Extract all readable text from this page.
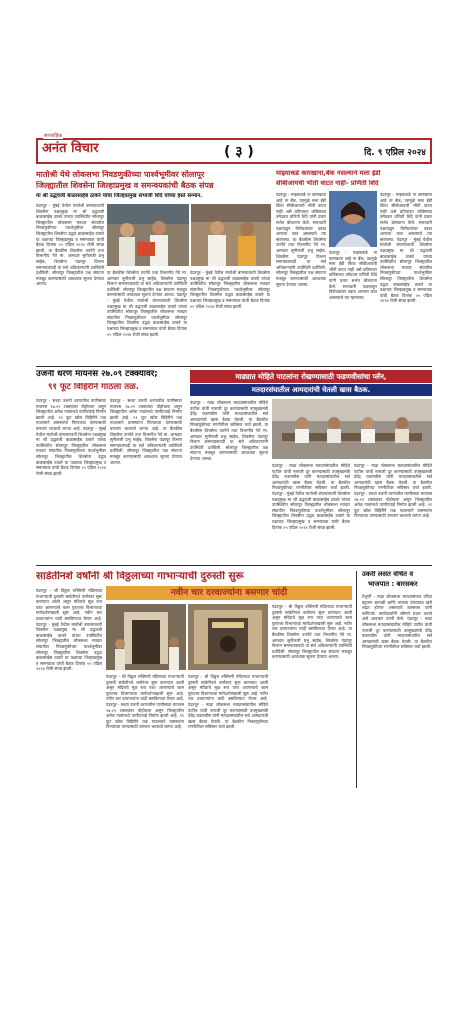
साप्ताहिक
अनंत विचार	( ३ )	दि. ९ एप्रिल २०२४
मातोश्री येथे लोकसभा निवडणुकीच्या पार्श्वभूमीवर सोलापूर
जिल्ह्यातील शिवसेना जिल्हाप्रमुख व समन्वयकांची बैठक संपन्न
मा श्री उद्धवजी बाळासाहेब ठाकरे यांचा जिल्हाप्रमुख संभाजी शिंदे यांच्या हस्ते सन्मान.
पंढरपूर - मुंबई येथील मातोश्री बंगल्यावरती शिवसेना पक्षप्रमुख मा श्री उद्धवजी बाळासाहेब ठाकरे यांच्या उपस्थितीत सोलापूर जिल्ह्यातील लोकसभा मतदार संघातील निवडणुकीच्या पार्श्वभूमीवर सोलापूर जिल्ह्यातील शिवसेना उद्धव बाळासाहेब ठाकरे या पक्षाच्या जिल्हाप्रमुख व समन्वयक यांची बैठक दिनांक ०५ एप्रिल २०२४ रोजी संपन्न झाली. या बैठकीस शिवसेना उपनेते तथा विभागीय नेते मा. आमदार सुनीलजी प्रभु साहेब, शिवसेना पंढरपूर विभाग समन्वयकपदी या सर्व अधिकाऱ्यांनी उपस्थिती दर्शविली. सोलापूर जिल्ह्यातील पक्ष संघटना मजबूत करण्यासाठी आवश्यक सूचना देण्यात आल्या.
या बैठकीस शिवसेना उपनेते तथा विभागीय नेते मा. आमदार सुनीलजी प्रभु साहेब, शिवसेना पंढरपूर विभाग समन्वयकपदी या सर्व अधिकाऱ्यांनी उपस्थिती दर्शविली. सोलापूर जिल्ह्यातील पक्ष संघटना मजबूत करण्यासाठी आवश्यक सूचना देण्यात आल्या. पंढरपूर - मुंबई येथील मातोश्री बंगल्यावरती शिवसेना पक्षप्रमुख मा श्री उद्धवजी बाळासाहेब ठाकरे यांच्या उपस्थितीत सोलापूर जिल्ह्यातील लोकसभा मतदार संघातील निवडणुकीच्या पार्श्वभूमीवर सोलापूर जिल्ह्यातील शिवसेना उद्धव बाळासाहेब ठाकरे या पक्षाच्या जिल्हाप्रमुख व समन्वयक यांची बैठक दिनांक ०५ एप्रिल २०२४ रोजी संपन्न झाली.
पंढरपूर - मुंबई येथील मातोश्री बंगल्यावरती शिवसेना पक्षप्रमुख मा श्री उद्धवजी बाळासाहेब ठाकरे यांच्या उपस्थितीत सोलापूर जिल्ह्यातील लोकसभा मतदार संघातील निवडणुकीच्या पार्श्वभूमीवर सोलापूर जिल्ह्यातील शिवसेना उद्धव बाळासाहेब ठाकरे या पक्षाच्या जिल्हाप्रमुख व समन्वयक यांची बैठक दिनांक ०५ एप्रिल २०२४ रोजी संपन्न झाली.
माझ्याकडे कारखाना,बँक नसल्याने मला ईडी
सीबीआयची भीती वाटत नाही- प्रणिती शिंदे
पंढरपूर - माझ्याकडे ना कारखाना आहे ना बँक, त्यामुळे मला ईडी किंवा सीबीआयची भीती वाटत नाही असे प्रतिपादन काँग्रेसच्या उमेदवार प्रणिती शिंदे यांनी प्रचार सभेत बोलताना केले. सत्ताधारी पक्षाकडून विरोधकांवर दबाव आणला जात असल्याचे त्या म्हणाल्या. या बैठकीस शिवसेना उपनेते तथा विभागीय नेते मा. आमदार सुनीलजी प्रभु साहेब, शिवसेना पंढरपूर विभाग समन्वयकपदी या सर्व अधिकाऱ्यांनी उपस्थिती दर्शविली. सोलापूर जिल्ह्यातील पक्ष संघटना मजबूत करण्यासाठी आवश्यक सूचना देण्यात आल्या.
पंढरपूर - माझ्याकडे ना कारखाना आहे ना बँक, त्यामुळे मला ईडी किंवा सीबीआयची भीती वाटत नाही असे प्रतिपादन काँग्रेसच्या उमेदवार प्रणिती शिंदे यांनी प्रचार सभेत बोलताना केले. सत्ताधारी पक्षाकडून विरोधकांवर दबाव आणला जात असल्याचे त्या म्हणाल्या. पंढरपूर - मुंबई येथील मातोश्री बंगल्यावरती शिवसेना पक्षप्रमुख मा श्री उद्धवजी बाळासाहेब ठाकरे यांच्या उपस्थितीत सोलापूर जिल्ह्यातील लोकसभा मतदार संघातील निवडणुकीच्या पार्श्वभूमीवर सोलापूर जिल्ह्यातील शिवसेना उद्धव बाळासाहेब ठाकरे या पक्षाच्या जिल्हाप्रमुख व समन्वयक यांची बैठक दिनांक ०५ एप्रिल २०२४ रोजी संपन्न झाली.
पंढरपूर - माझ्याकडे ना कारखाना आहे ना बँक, त्यामुळे मला ईडी किंवा सीबीआयची भीती वाटत नाही असे प्रतिपादन काँग्रेसच्या उमेदवार प्रणिती शिंदे यांनी प्रचार सभेत बोलताना केले. सत्ताधारी पक्षाकडून विरोधकांवर दबाव आणला जात असल्याचे त्या म्हणाल्या.
उजनी धरण मायनस २७.०९ टक्क्यांवर;
९१ फूट विहिरीने गाठला तळ.
पंढरपूर - सध्या उजनी धरणातील पाणीसाठा मायनस २७.०९ टक्क्यांवर पोहोचला असून जिल्ह्यातील अनेक गावांमध्ये पाणीटंचाई निर्माण झाली आहे. ९१ फूट खोल विहिरीने तळ गाठल्याने ग्रामस्थांना पिण्याच्या पाण्यासाठी वणवण भटकावे लागत आहे. पंढरपूर - मुंबई येथील मातोश्री बंगल्यावरती शिवसेना पक्षप्रमुख मा श्री उद्धवजी बाळासाहेब ठाकरे यांच्या उपस्थितीत सोलापूर जिल्ह्यातील लोकसभा मतदार संघातील निवडणुकीच्या पार्श्वभूमीवर सोलापूर जिल्ह्यातील शिवसेना उद्धव बाळासाहेब ठाकरे या पक्षाच्या जिल्हाप्रमुख व समन्वयक यांची बैठक दिनांक ०५ एप्रिल २०२४ रोजी संपन्न झाली.
पंढरपूर - सध्या उजनी धरणातील पाणीसाठा मायनस २७.०९ टक्क्यांवर पोहोचला असून जिल्ह्यातील अनेक गावांमध्ये पाणीटंचाई निर्माण झाली आहे. ९१ फूट खोल विहिरीने तळ गाठल्याने ग्रामस्थांना पिण्याच्या पाण्यासाठी वणवण भटकावे लागत आहे. या बैठकीस शिवसेना उपनेते तथा विभागीय नेते मा. आमदार सुनीलजी प्रभु साहेब, शिवसेना पंढरपूर विभाग समन्वयकपदी या सर्व अधिकाऱ्यांनी उपस्थिती दर्शविली. सोलापूर जिल्ह्यातील पक्ष संघटना मजबूत करण्यासाठी आवश्यक सूचना देण्यात आल्या.
माढ्यात मोहिते पाटलांना रोखण्यासाठी फडणवीसांचा प्लॅन,
मतदारसंघातील आमदारांची घेतली खास बैठक.
पंढरपूर - माढा लोकसभा मतदारसंघातील मोहिते पाटील यांची नाराजी दूर करण्यासाठी उपमुख्यमंत्री देवेंद्र फडणवीस यांनी मतदारसंघातील सर्व आमदारांची खास बैठक घेतली. या बैठकीत निवडणुकीच्या रणनीतीवर सविस्तर चर्चा झाली. या बैठकीस शिवसेना उपनेते तथा विभागीय नेते मा. आमदार सुनीलजी प्रभु साहेब, शिवसेना पंढरपूर विभाग समन्वयकपदी या सर्व अधिकाऱ्यांनी उपस्थिती दर्शविली. सोलापूर जिल्ह्यातील पक्ष संघटना मजबूत करण्यासाठी आवश्यक सूचना देण्यात आल्या.
पंढरपूर - माढा लोकसभा मतदारसंघातील मोहिते पाटील यांची नाराजी दूर करण्यासाठी उपमुख्यमंत्री देवेंद्र फडणवीस यांनी मतदारसंघातील सर्व आमदारांची खास बैठक घेतली. या बैठकीत निवडणुकीच्या रणनीतीवर सविस्तर चर्चा झाली. पंढरपूर - मुंबई येथील मातोश्री बंगल्यावरती शिवसेना पक्षप्रमुख मा श्री उद्धवजी बाळासाहेब ठाकरे यांच्या उपस्थितीत सोलापूर जिल्ह्यातील लोकसभा मतदार संघातील निवडणुकीच्या पार्श्वभूमीवर सोलापूर जिल्ह्यातील शिवसेना उद्धव बाळासाहेब ठाकरे या पक्षाच्या जिल्हाप्रमुख व समन्वयक यांची बैठक दिनांक ०५ एप्रिल २०२४ रोजी संपन्न झाली.
पंढरपूर - माढा लोकसभा मतदारसंघातील मोहिते पाटील यांची नाराजी दूर करण्यासाठी उपमुख्यमंत्री देवेंद्र फडणवीस यांनी मतदारसंघातील सर्व आमदारांची खास बैठक घेतली. या बैठकीत निवडणुकीच्या रणनीतीवर सविस्तर चर्चा झाली. पंढरपूर - सध्या उजनी धरणातील पाणीसाठा मायनस २७.०९ टक्क्यांवर पोहोचला असून जिल्ह्यातील अनेक गावांमध्ये पाणीटंचाई निर्माण झाली आहे. ९१ फूट खोल विहिरीने तळ गाठल्याने ग्रामस्थांना पिण्याच्या पाण्यासाठी वणवण भटकावे लागत आहे.
साडेतीनशे वर्षांनी श्री विठ्ठलाच्या गाभाऱ्याची दुरुस्ती सुरू
नवीन चार दरवाज्यांना बसणार चांदी
पंढरपूर - श्री विठ्ठल रुक्मिणी मंदिराच्या गाभाऱ्याची दुरुस्ती साडेतीनशे वर्षांनंतर सुरू करण्यात आली असून मंदिराचे मूळ रूप परत आणण्याचे काम पुरातत्त्व विभागाच्या मार्गदर्शनाखाली सुरू आहे. नवीन चार दरवाज्यांना चांदी बसविण्यात येणार आहे. पंढरपूर - मुंबई येथील मातोश्री बंगल्यावरती शिवसेना पक्षप्रमुख मा श्री उद्धवजी बाळासाहेब ठाकरे यांच्या उपस्थितीत सोलापूर जिल्ह्यातील लोकसभा मतदार संघातील निवडणुकीच्या पार्श्वभूमीवर सोलापूर जिल्ह्यातील शिवसेना उद्धव बाळासाहेब ठाकरे या पक्षाच्या जिल्हाप्रमुख व समन्वयक यांची बैठक दिनांक ०५ एप्रिल २०२४ रोजी संपन्न झाली.
पंढरपूर - श्री विठ्ठल रुक्मिणी मंदिराच्या गाभाऱ्याची दुरुस्ती साडेतीनशे वर्षांनंतर सुरू करण्यात आली असून मंदिराचे मूळ रूप परत आणण्याचे काम पुरातत्त्व विभागाच्या मार्गदर्शनाखाली सुरू आहे. नवीन चार दरवाज्यांना चांदी बसविण्यात येणार आहे. पंढरपूर - सध्या उजनी धरणातील पाणीसाठा मायनस २७.०९ टक्क्यांवर पोहोचला असून जिल्ह्यातील अनेक गावांमध्ये पाणीटंचाई निर्माण झाली आहे. ९१ फूट खोल विहिरीने तळ गाठल्याने ग्रामस्थांना पिण्याच्या पाण्यासाठी वणवण भटकावे लागत आहे.
पंढरपूर - श्री विठ्ठल रुक्मिणी मंदिराच्या गाभाऱ्याची दुरुस्ती साडेतीनशे वर्षांनंतर सुरू करण्यात आली असून मंदिराचे मूळ रूप परत आणण्याचे काम पुरातत्त्व विभागाच्या मार्गदर्शनाखाली सुरू आहे. नवीन चार दरवाज्यांना चांदी बसविण्यात येणार आहे. पंढरपूर - माढा लोकसभा मतदारसंघातील मोहिते पाटील यांची नाराजी दूर करण्यासाठी उपमुख्यमंत्री देवेंद्र फडणवीस यांनी मतदारसंघातील सर्व आमदारांची खास बैठक घेतली. या बैठकीत निवडणुकीच्या रणनीतीवर सविस्तर चर्चा झाली.
पंढरपूर - श्री विठ्ठल रुक्मिणी मंदिराच्या गाभाऱ्याची दुरुस्ती साडेतीनशे वर्षांनंतर सुरू करण्यात आली असून मंदिराचे मूळ रूप परत आणण्याचे काम पुरातत्त्व विभागाच्या मार्गदर्शनाखाली सुरू आहे. नवीन चार दरवाज्यांना चांदी बसविण्यात येणार आहे. या बैठकीस शिवसेना उपनेते तथा विभागीय नेते मा. आमदार सुनीलजी प्रभु साहेब, शिवसेना पंढरपूर विभाग समन्वयकपदी या सर्व अधिकाऱ्यांनी उपस्थिती दर्शविली. सोलापूर जिल्ह्यातील पक्ष संघटना मजबूत करण्यासाठी आवश्यक सूचना देण्यात आल्या.
उकरी लसत वंचित व
भाजपात : बारसकर
टेंभुर्णी - माढा लोकसभा मतदारसंघात वंचित बहुजन आघाडी आणि भाजपा यांच्यातच खरी लढत होणार असल्याचे बारसकर यांनी सांगितले. कार्यकर्त्यांनी जोमाने प्रचार करावे असे आवाहन त्यांनी केले. पंढरपूर - माढा लोकसभा मतदारसंघातील मोहिते पाटील यांची नाराजी दूर करण्यासाठी उपमुख्यमंत्री देवेंद्र फडणवीस यांनी मतदारसंघातील सर्व आमदारांची खास बैठक घेतली. या बैठकीत निवडणुकीच्या रणनीतीवर सविस्तर चर्चा झाली.
